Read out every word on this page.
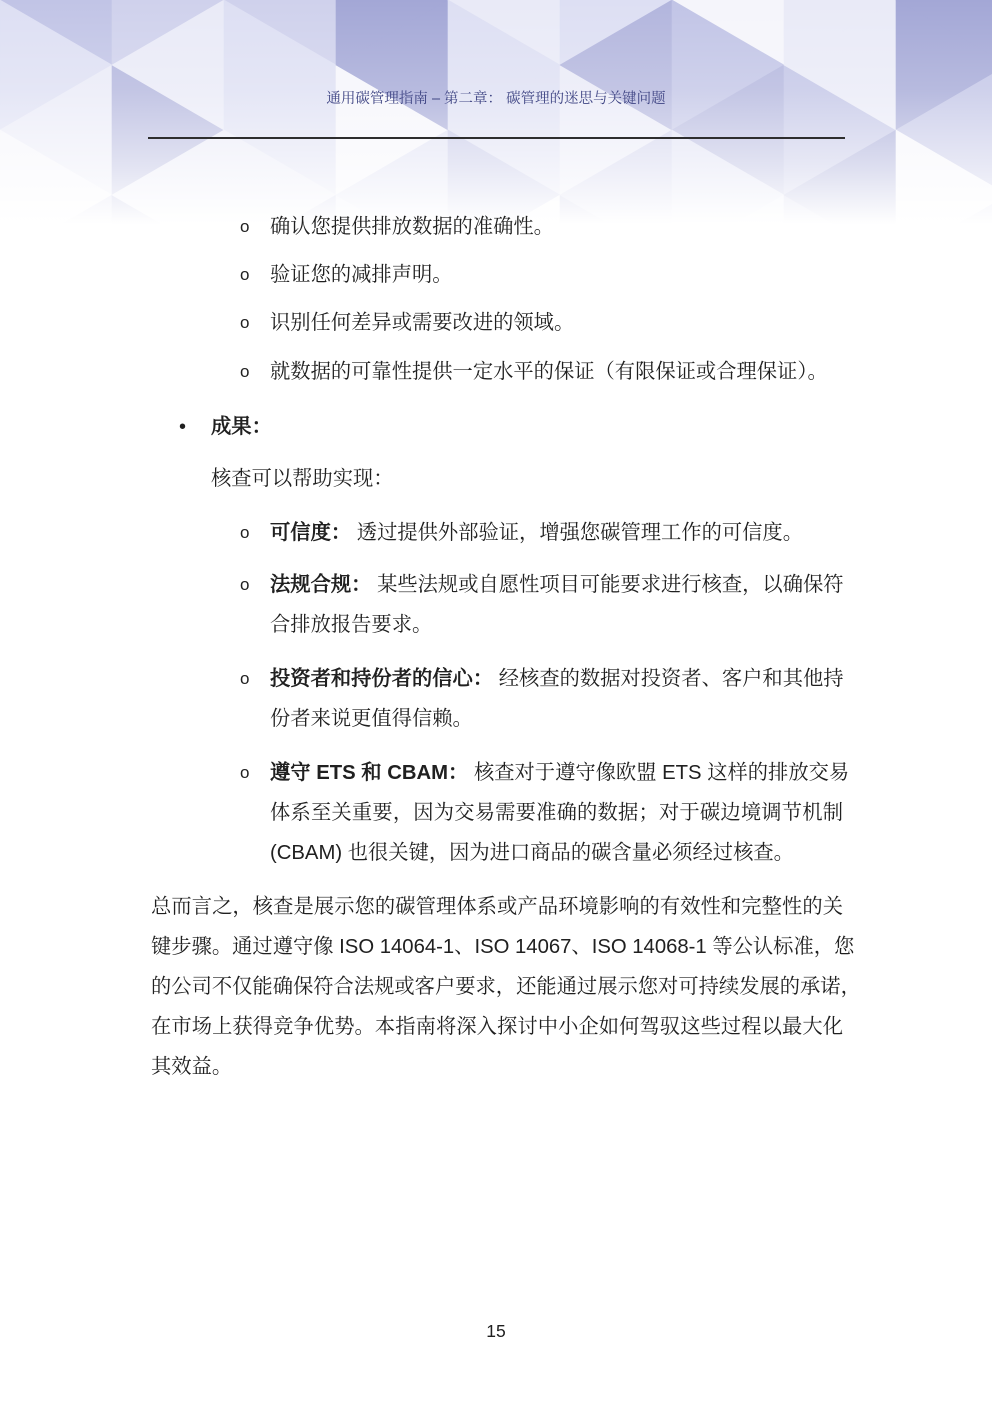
通用碳管理指南 – 第二章： 碳管理的迷思与关键问题
o 确认您提供排放数据的准确性。
o 验证您的减排声明。
o 识别任何差异或需要改进的领域。
o 就数据的可靠性提供一定水平的保证（有限保证或合理保证）。
• 成果：
核查可以帮助实现：
o 可信度： 透过提供外部验证，增强您碳管理工作的可信度。
o 法规合规： 某些法规或自愿性项目可能要求进行核查，以确保符
合排放报告要求。
o 投资者和持份者的信心： 经核查的数据对投资者、客户和其他持
份者来说更值得信赖。
o 遵守 ETS 和 CBAM： 核查对于遵守像欧盟 ETS 这样的排放交易
体系至关重要，因为交易需要准确的数据；对于碳边境调节机制
(CBAM) 也很关键，因为进口商品的碳含量必须经过核查。
总而言之，核查是展示您的碳管理体系或产品环境影响的有效性和完整性的关
键步骤。通过遵守像 ISO 14064-1、ISO 14067、ISO 14068-1 等公认标准，您
的公司不仅能确保符合法规或客户要求，还能通过展示您对可持续发展的承诺，
在市场上获得竞争优势。本指南将深入探讨中小企如何驾驭这些过程以最大化
其效益。
15
